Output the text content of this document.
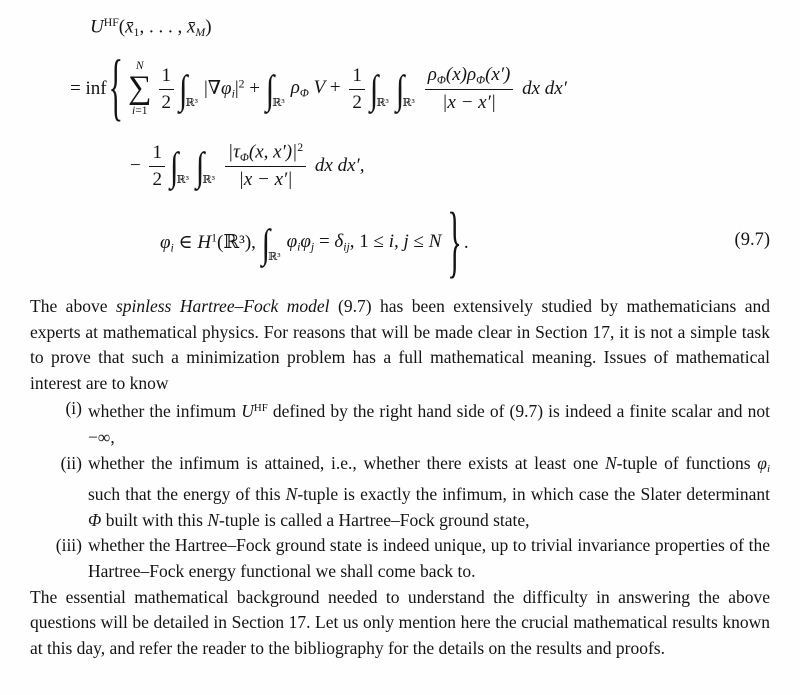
$U^{HF}(x̄1$, . . . , x̄M)
= inf { N
∑
$i=1 \frac{1}{2}$ ∫
ℝ³
$|\nabla\varphi i|^2$ + ∫
ℝ³
ρΦ $V + \frac{1}{2}$ ∫
ℝ³ ∫
ℝ³ $\frac{\rho\Phi(x)\rho\Phi(x')}{|x - x'|}$ dx dx′
− $\frac{1}{2}$ ∫
ℝ³ ∫
ℝ³ $\frac{|\tau\Phi(x, x')|^2}{|x - x'|}$ dx dx′,
φi ∈ $H^1(ℝ^3)$, ∫
ℝ³
φiφj = δij, 1 ≤ i, j ≤ N } .	(9.7)

The above spinless Hartree–Fock model (9.7) has been extensively studied by mathematicians and experts at mathematical physics. For reasons that will be made clear in Section 17, it is not a simple task to prove that such a minimization problem has a full mathematical meaning. Issues of mathematical interest are to know

(i) whether the infimum $U^{HF}$ defined by the right hand side of (9.7) is indeed a finite scalar and not −∞,
(ii) whether the infimum is attained, i.e., whether there exists at least one N-tuple of functions φi such that the energy of this N-tuple is exactly the infimum, in which case the Slater determinant Φ built with this N-tuple is called a Hartree–Fock ground state,
(iii) whether the Hartree–Fock ground state is indeed unique, up to trivial invariance properties of the Hartree–Fock energy functional we shall come back to.

The essential mathematical background needed to understand the difficulty in answering the above questions will be detailed in Section 17. Let us only mention here the crucial mathematical results known at this day, and refer the reader to the bibliography for the details on the results and proofs.
